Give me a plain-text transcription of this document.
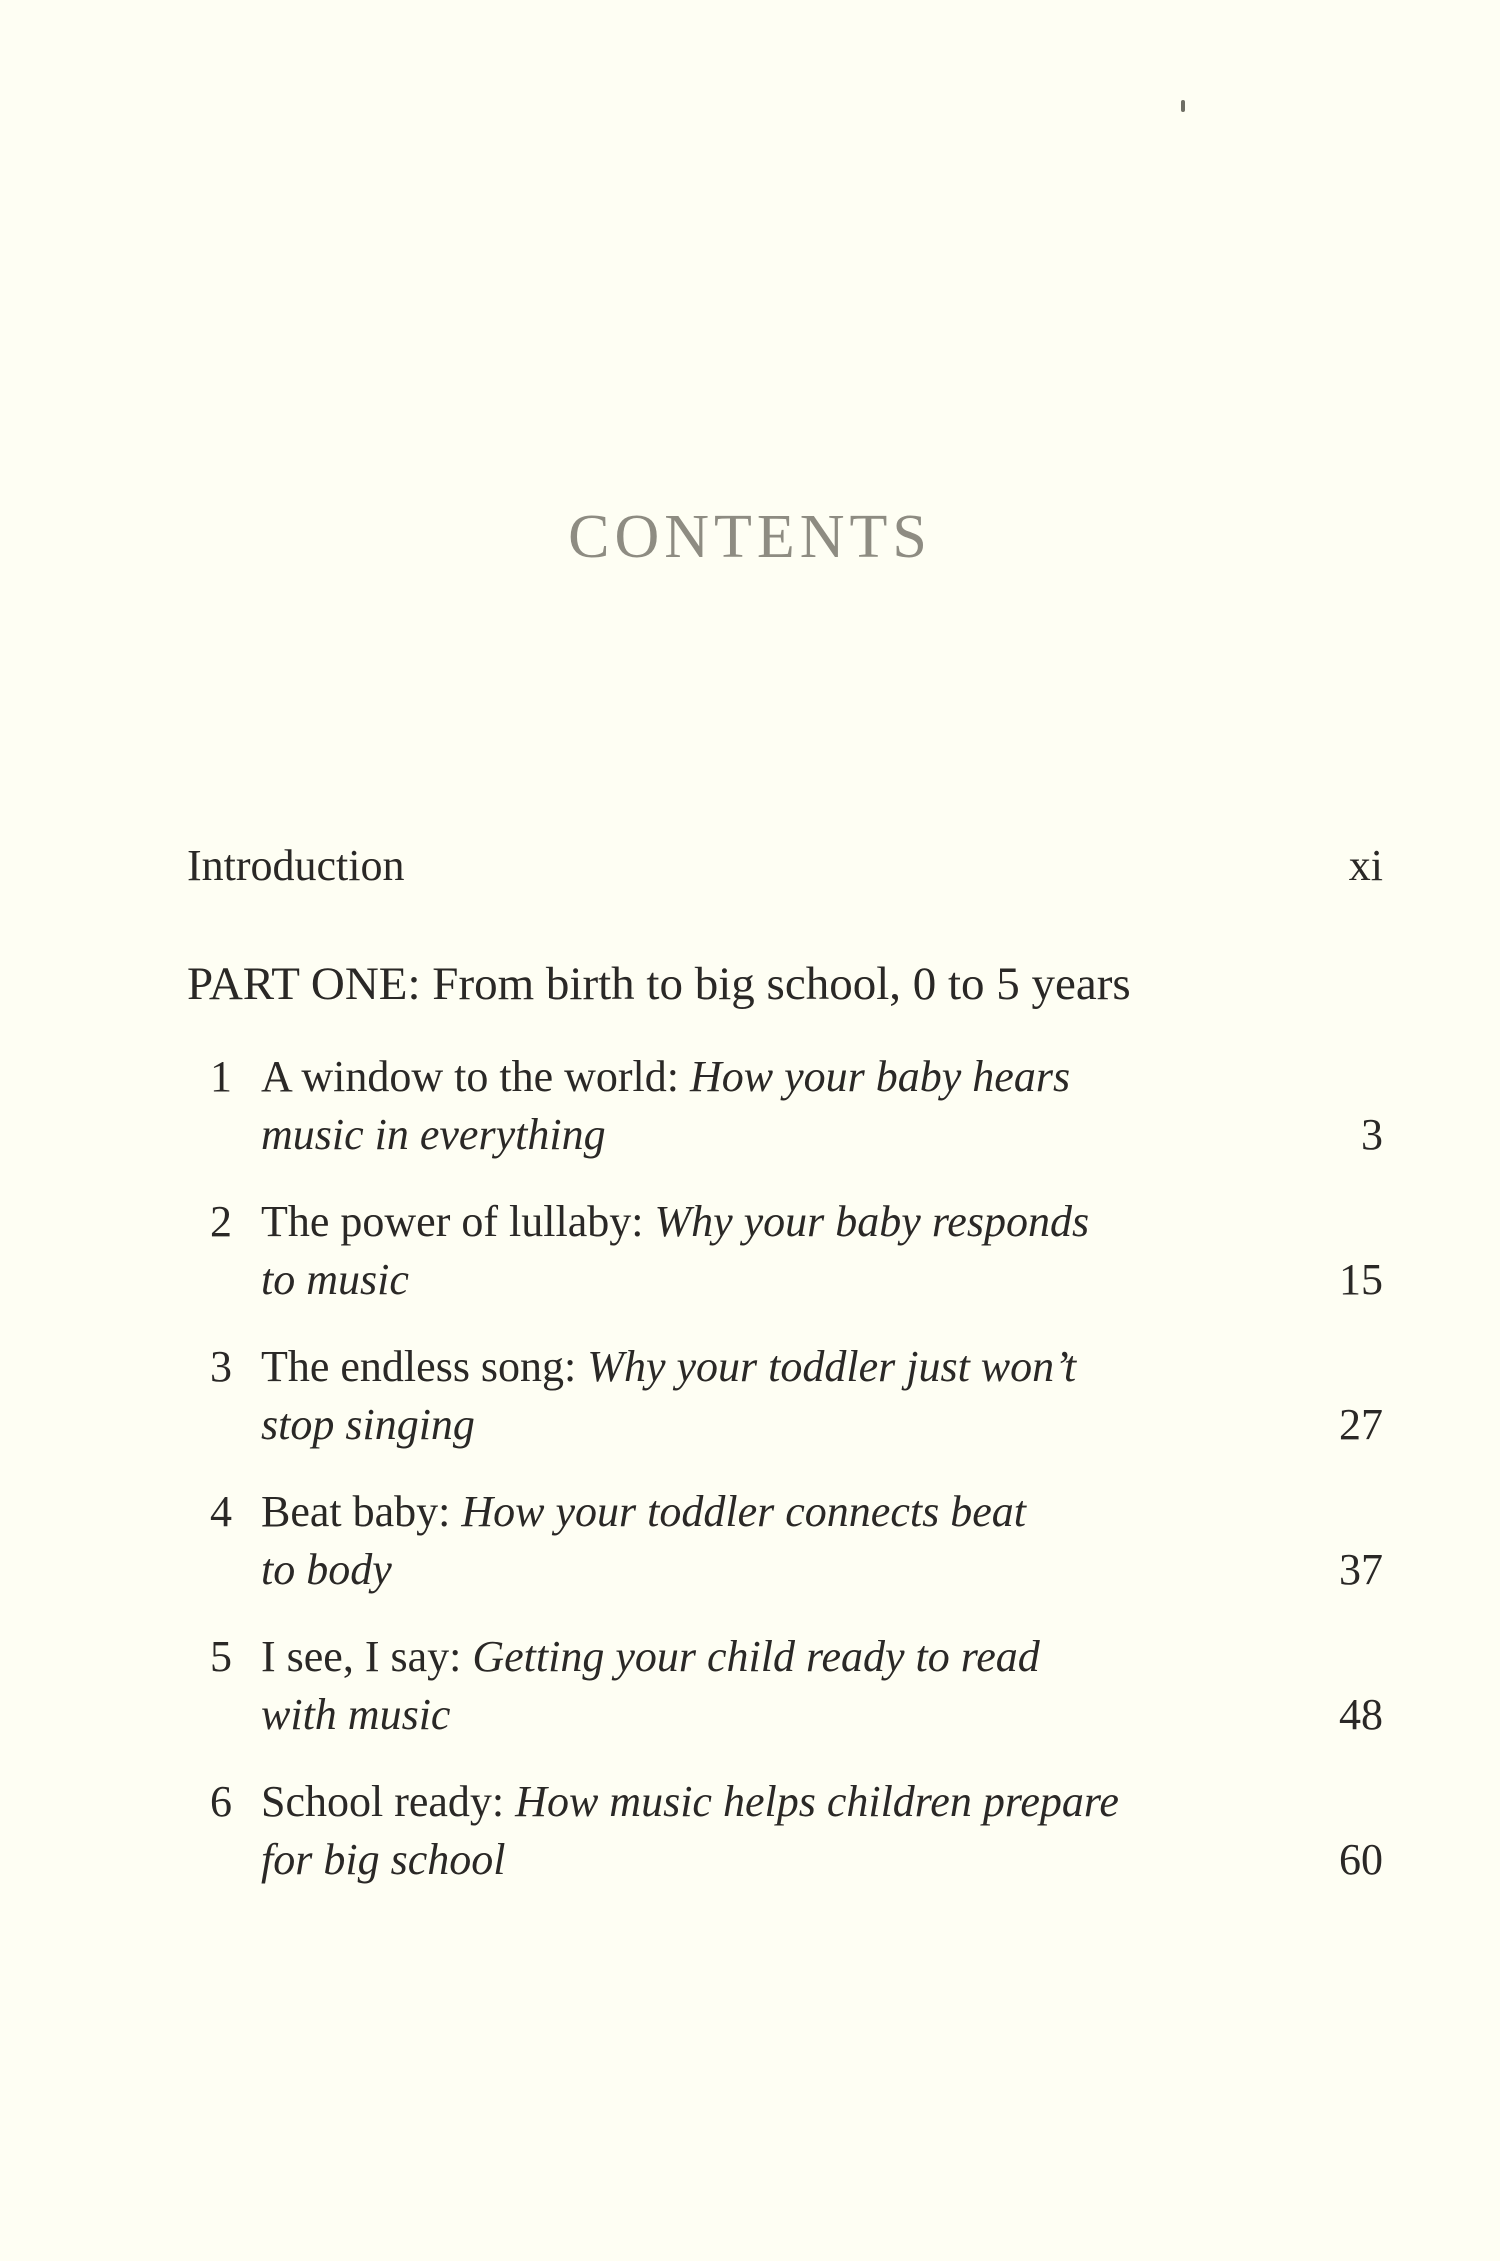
CONTENTS
Introduction	xi
PART ONE: From birth to big school, 0 to 5 years
1 A window to the world: How your baby hears
music in everything	3
2 The power of lullaby: Why your baby responds
to music	15
3 The endless song: Why your toddler just won’t
stop singing	27
4 Beat baby: How your toddler connects beat
to body	37
5 I see, I say: Getting your child ready to read
with music	48
6 School ready: How music helps children prepare
for big school	60
